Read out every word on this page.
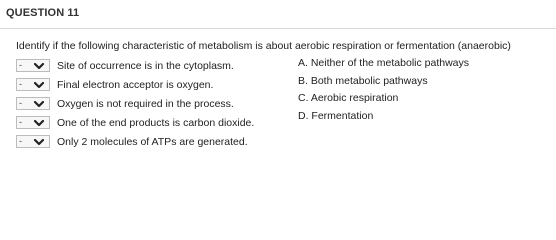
QUESTION 11
Identify if the following characteristic of metabolism is about aerobic respiration or fermentation (anaerobic)
-	Site of occurrence is in the cytoplasm.
-	Final electron acceptor is oxygen.
-	Oxygen is not required in the process.
-	One of the end products is carbon dioxide.
-	Only 2 molecules of ATPs are generated.
A. Neither of the metabolic pathways
B. Both metabolic pathways
C. Aerobic respiration
D. Fermentation
